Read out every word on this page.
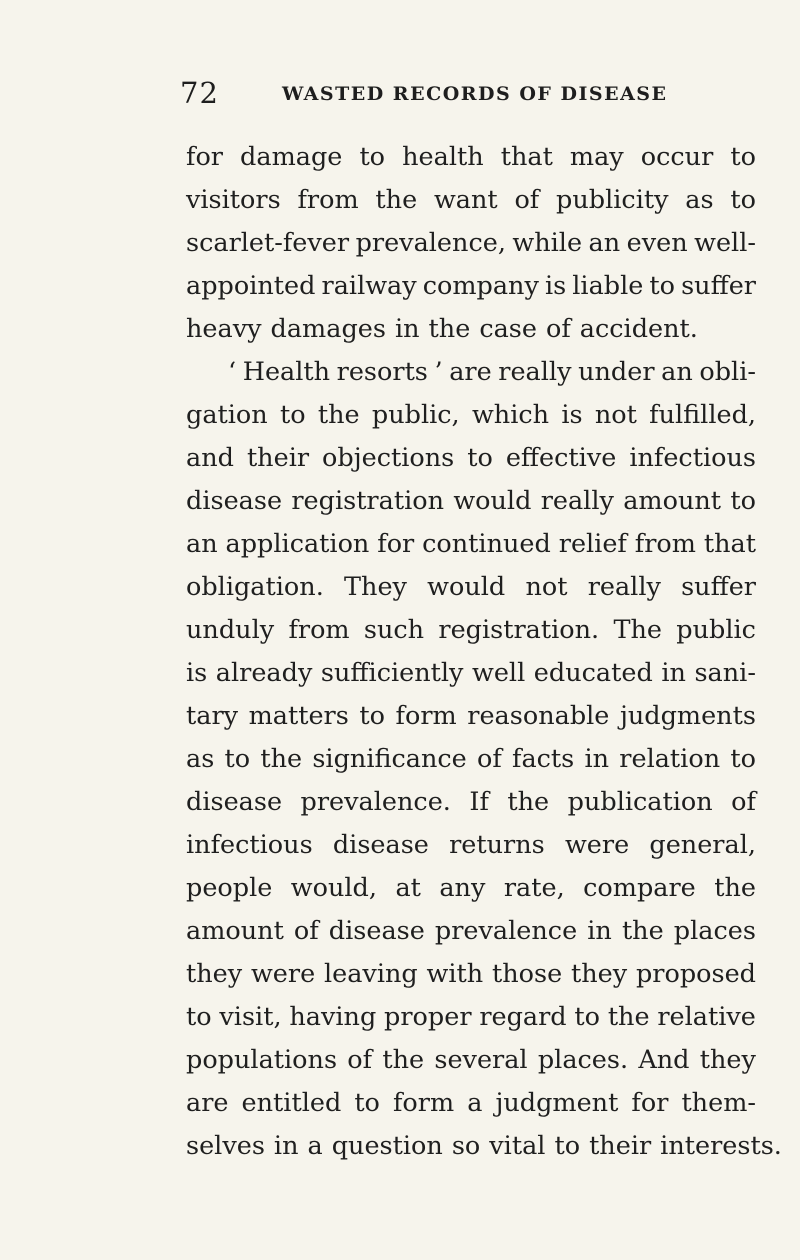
72	WASTED RECORDS OF DISEASE
for damage to health that may occur to
visitors from the want of publicity as to
scarlet-fever prevalence, while an even well-
appointed railway company is liable to suffer
heavy damages in the case of accident.
‘ Health resorts ’ are really under an obli-
gation to the public, which is not fulfilled,
and their objections to effective infectious
disease registration would really amount to
an application for continued relief from that
obligation. They would not really suffer
unduly from such registration. The public
is already sufficiently well educated in sani-
tary matters to form reasonable judgments
as to the significance of facts in relation to
disease prevalence. If the publication of
infectious disease returns were general,
people would, at any rate, compare the
amount of disease prevalence in the places
they were leaving with those they proposed
to visit, having proper regard to the relative
populations of the several places. And they
are entitled to form a judgment for them-
selves in a question so vital to their interests.
